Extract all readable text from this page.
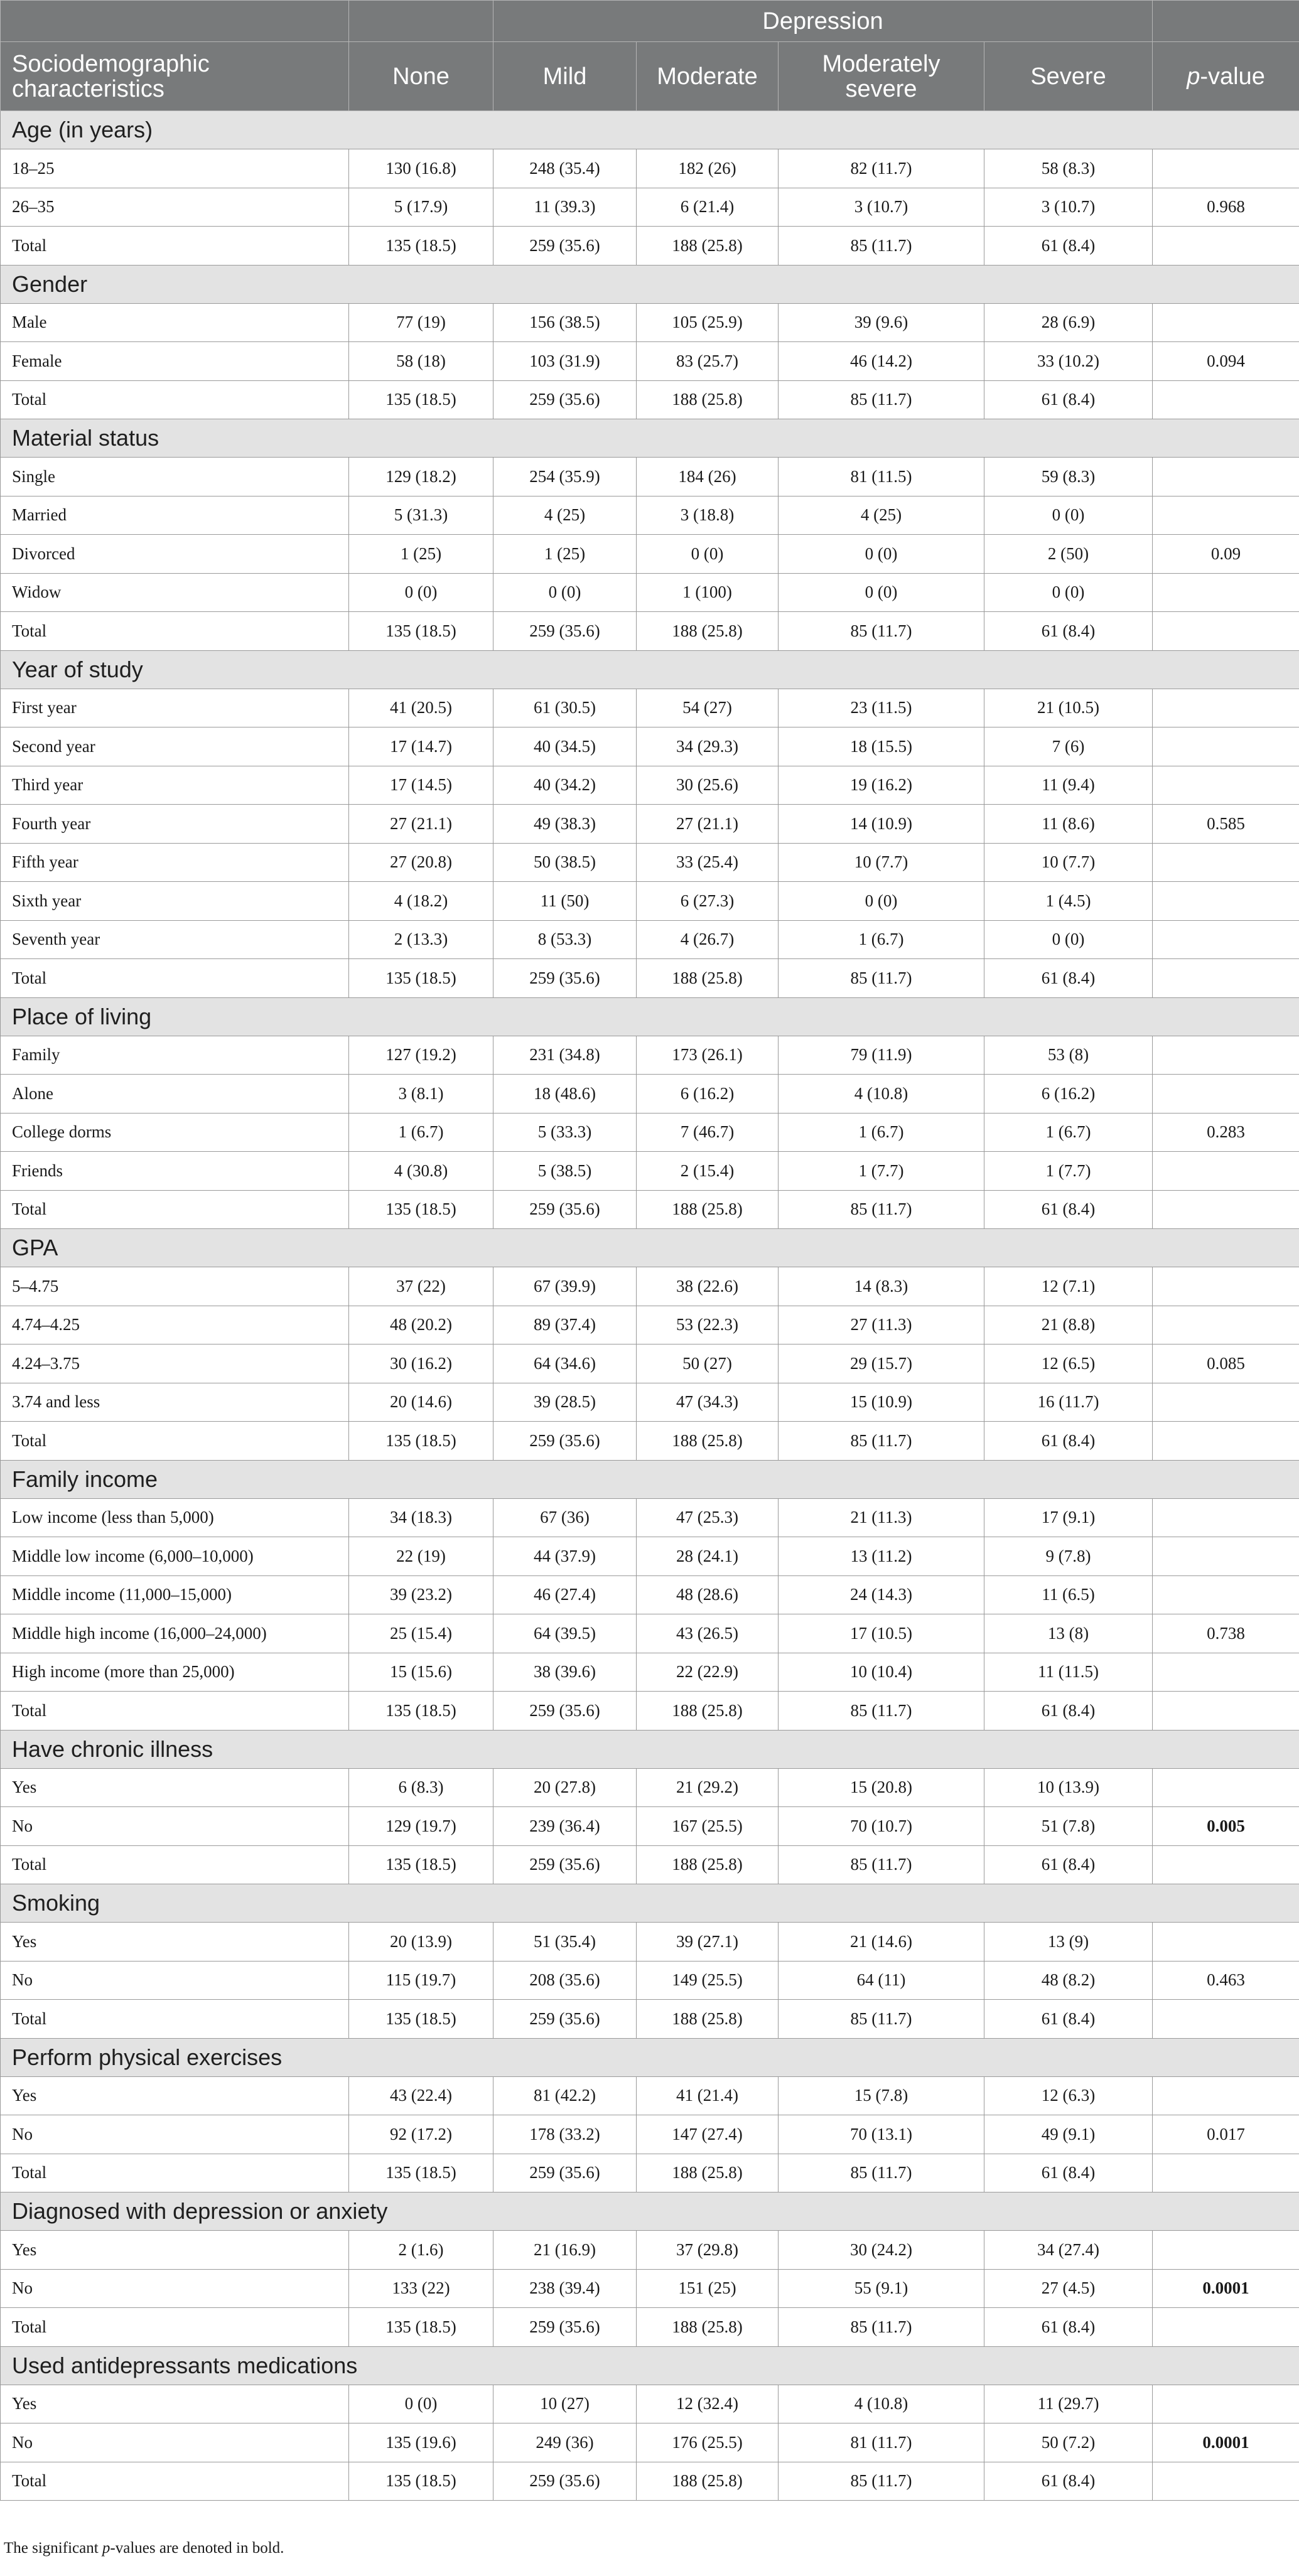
		Depression				
Sociodemographic characteristics	None	Mild	Moderate	Moderately severe	Severe	p-value
Age (in years)						
18–25	130 (16.8)	248 (35.4)	182 (26)	82 (11.7)	58 (8.3)	
26–35	5 (17.9)	11 (39.3)	6 (21.4)	3 (10.7)	3 (10.7)	0.968
Total	135 (18.5)	259 (35.6)	188 (25.8)	85 (11.7)	61 (8.4)	
Gender						
Male	77 (19)	156 (38.5)	105 (25.9)	39 (9.6)	28 (6.9)	
Female	58 (18)	103 (31.9)	83 (25.7)	46 (14.2)	33 (10.2)	0.094
Total	135 (18.5)	259 (35.6)	188 (25.8)	85 (11.7)	61 (8.4)	
Material status						
Single	129 (18.2)	254 (35.9)	184 (26)	81 (11.5)	59 (8.3)	
Married	5 (31.3)	4 (25)	3 (18.8)	4 (25)	0 (0)	
Divorced	1 (25)	1 (25)	0 (0)	0 (0)	2 (50)	0.09
Widow	0 (0)	0 (0)	1 (100)	0 (0)	0 (0)	
Total	135 (18.5)	259 (35.6)	188 (25.8)	85 (11.7)	61 (8.4)	
Year of study						
First year	41 (20.5)	61 (30.5)	54 (27)	23 (11.5)	21 (10.5)	
Second year	17 (14.7)	40 (34.5)	34 (29.3)	18 (15.5)	7 (6)	
Third year	17 (14.5)	40 (34.2)	30 (25.6)	19 (16.2)	11 (9.4)	
Fourth year	27 (21.1)	49 (38.3)	27 (21.1)	14 (10.9)	11 (8.6)	0.585
Fifth year	27 (20.8)	50 (38.5)	33 (25.4)	10 (7.7)	10 (7.7)	
Sixth year	4 (18.2)	11 (50)	6 (27.3)	0 (0)	1 (4.5)	
Seventh year	2 (13.3)	8 (53.3)	4 (26.7)	1 (6.7)	0 (0)	
Total	135 (18.5)	259 (35.6)	188 (25.8)	85 (11.7)	61 (8.4)	
Place of living						
Family	127 (19.2)	231 (34.8)	173 (26.1)	79 (11.9)	53 (8)	
Alone	3 (8.1)	18 (48.6)	6 (16.2)	4 (10.8)	6 (16.2)	
College dorms	1 (6.7)	5 (33.3)	7 (46.7)	1 (6.7)	1 (6.7)	0.283
Friends	4 (30.8)	5 (38.5)	2 (15.4)	1 (7.7)	1 (7.7)	
Total	135 (18.5)	259 (35.6)	188 (25.8)	85 (11.7)	61 (8.4)	
GPA						
5–4.75	37 (22)	67 (39.9)	38 (22.6)	14 (8.3)	12 (7.1)	
4.74–4.25	48 (20.2)	89 (37.4)	53 (22.3)	27 (11.3)	21 (8.8)	
4.24–3.75	30 (16.2)	64 (34.6)	50 (27)	29 (15.7)	12 (6.5)	0.085
3.74 and less	20 (14.6)	39 (28.5)	47 (34.3)	15 (10.9)	16 (11.7)	
Total	135 (18.5)	259 (35.6)	188 (25.8)	85 (11.7)	61 (8.4)	
Family income						
Low income (less than 5,000)	34 (18.3)	67 (36)	47 (25.3)	21 (11.3)	17 (9.1)	
Middle low income (6,000–10,000)	22 (19)	44 (37.9)	28 (24.1)	13 (11.2)	9 (7.8)	
Middle income (11,000–15,000)	39 (23.2)	46 (27.4)	48 (28.6)	24 (14.3)	11 (6.5)	
Middle high income (16,000–24,000)	25 (15.4)	64 (39.5)	43 (26.5)	17 (10.5)	13 (8)	0.738
High income (more than 25,000)	15 (15.6)	38 (39.6)	22 (22.9)	10 (10.4)	11 (11.5)	
Total	135 (18.5)	259 (35.6)	188 (25.8)	85 (11.7)	61 (8.4)	
Have chronic illness						
Yes	6 (8.3)	20 (27.8)	21 (29.2)	15 (20.8)	10 (13.9)	
No	129 (19.7)	239 (36.4)	167 (25.5)	70 (10.7)	51 (7.8)	0.005
Total	135 (18.5)	259 (35.6)	188 (25.8)	85 (11.7)	61 (8.4)	
Smoking						
Yes	20 (13.9)	51 (35.4)	39 (27.1)	21 (14.6)	13 (9)	
No	115 (19.7)	208 (35.6)	149 (25.5)	64 (11)	48 (8.2)	0.463
Total	135 (18.5)	259 (35.6)	188 (25.8)	85 (11.7)	61 (8.4)	
Perform physical exercises						
Yes	43 (22.4)	81 (42.2)	41 (21.4)	15 (7.8)	12 (6.3)	
No	92 (17.2)	178 (33.2)	147 (27.4)	70 (13.1)	49 (9.1)	0.017
Total	135 (18.5)	259 (35.6)	188 (25.8)	85 (11.7)	61 (8.4)	
Diagnosed with depression or anxiety						
Yes	2 (1.6)	21 (16.9)	37 (29.8)	30 (24.2)	34 (27.4)	
No	133 (22)	238 (39.4)	151 (25)	55 (9.1)	27 (4.5)	0.0001
Total	135 (18.5)	259 (35.6)	188 (25.8)	85 (11.7)	61 (8.4)	
Used antidepressants medications						
Yes	0 (0)	10 (27)	12 (32.4)	4 (10.8)	11 (29.7)	
No	135 (19.6)	249 (36)	176 (25.5)	81 (11.7)	50 (7.2)	0.0001
Total	135 (18.5)	259 (35.6)	188 (25.8)	85 (11.7)	61 (8.4)	
The significant p-values are denoted in bold.
